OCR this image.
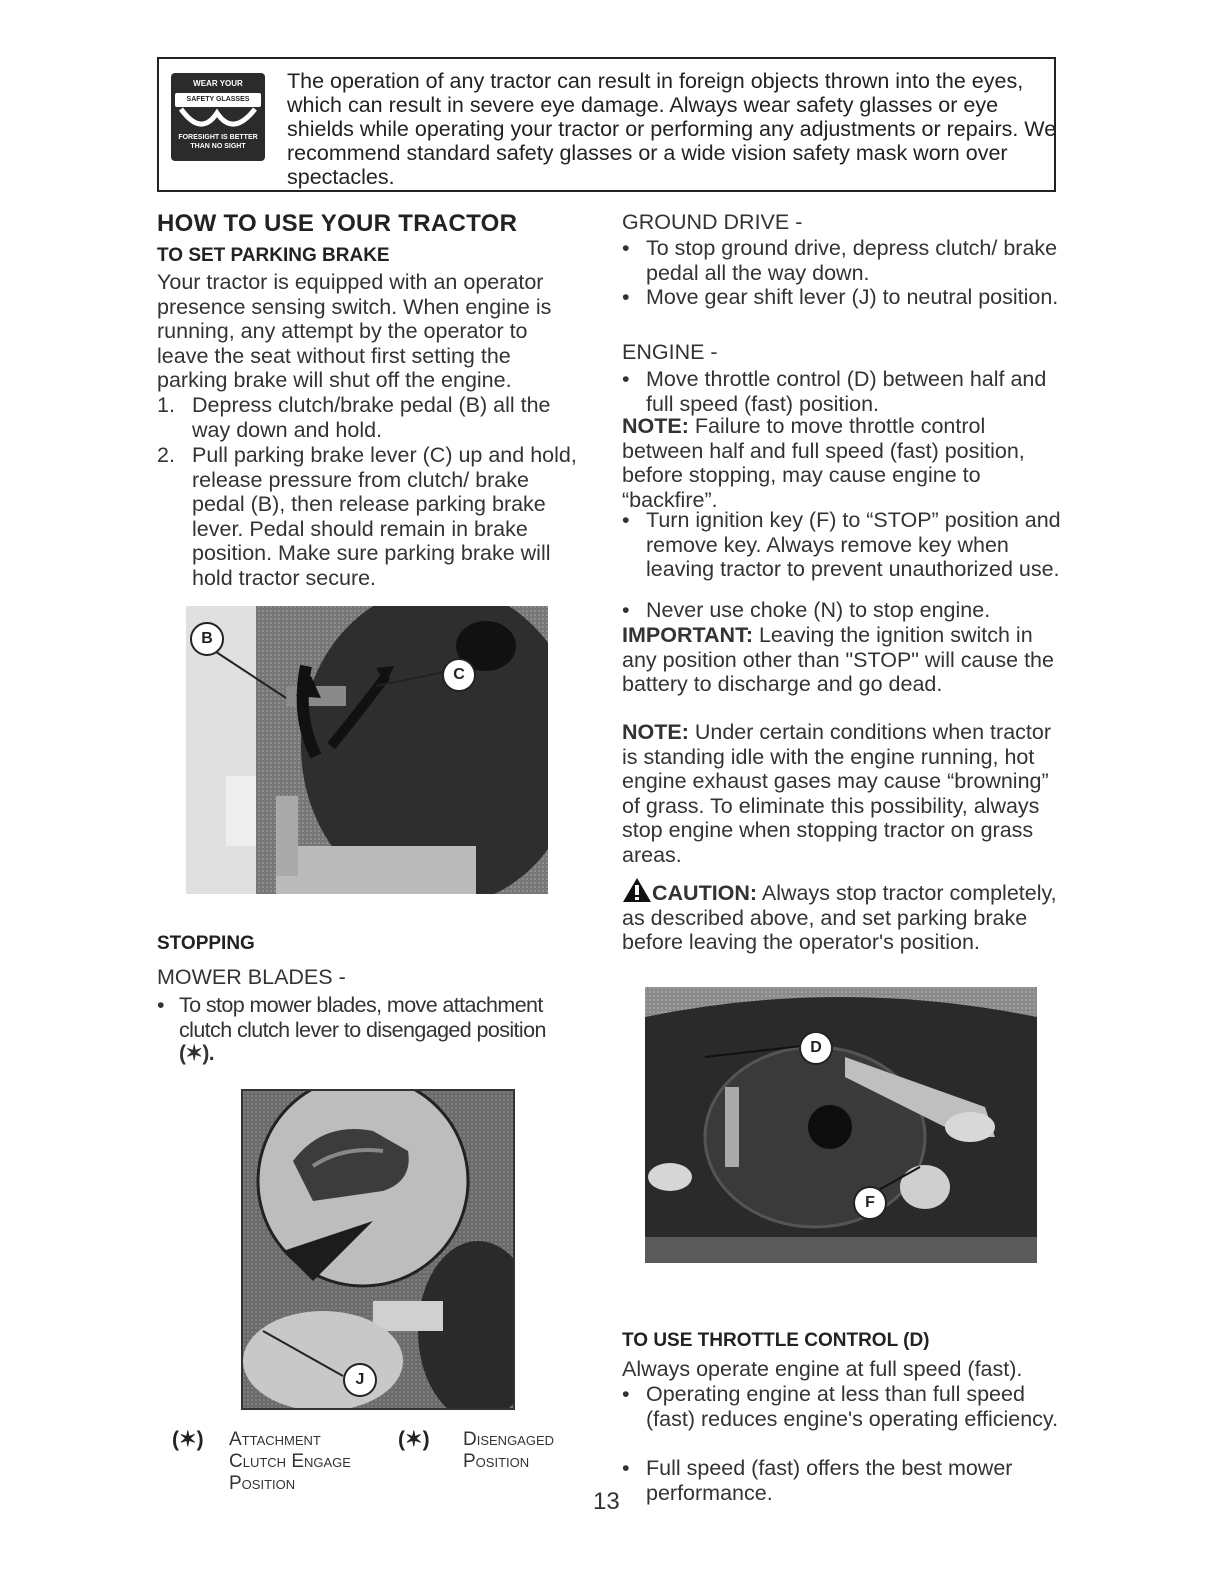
WEAR YOUR
SAFETY GLASSES
FORESIGHT IS BETTER THAN NO SIGHT
The operation of any tractor can result in foreign objects thrown into the eyes, which can result in severe eye damage. Always wear safety glasses or eye shields while operating your tractor or performing any adjustments or repairs. We recommend standard safety glasses or a wide vision safety mask worn over spectacles.
HOW TO USE YOUR TRACTOR
TO SET PARKING BRAKE
Your tractor is equipped with an operator presence sensing switch. When engine is running, any attempt by the operator to leave the seat without first setting the parking brake will shut off the engine.
1. Depress clutch/brake pedal (B) all the way down and hold.
2. Pull parking brake lever (C) up and hold, release pressure from clutch/ brake pedal (B), then release parking brake lever. Pedal should remain in brake position. Make sure parking brake will hold tractor secure.
B
C
STOPPING
MOWER BLADES -
• To stop mower blades, move attachment clutch clutch lever to disengaged position
(✶).
J
(✶) Attachment Clutch Engage Position
(✶) Disengaged Position
13
GROUND DRIVE -
• To stop ground drive, depress clutch/ brake pedal all the way down.
• Move gear shift lever (J) to neutral position.
ENGINE -
• Move throttle control (D) between half and full speed (fast) position.
NOTE: Failure to move throttle control between half and full speed (fast) position, before stopping, may cause engine to “backfire”.
• Turn ignition key (F) to “STOP” position and remove key. Always remove key when leaving tractor to prevent unauthorized use.
• Never use choke (N) to stop engine.
IMPORTANT: Leaving the ignition switch in any position other than "STOP" will cause the battery to discharge and go dead.
NOTE: Under certain conditions when tractor is standing idle with the engine running, hot engine exhaust gases may cause “browning” of grass. To eliminate this possibility, always stop engine when stopping tractor on grass areas.
CAUTION: Always stop tractor completely, as described above, and set parking brake before leaving the operator's position.
D
F
TO USE THROTTLE CONTROL (D)
Always operate engine at full speed (fast).
• Operating engine at less than full speed (fast) reduces engine's operating efficiency.
• Full speed (fast) offers the best mower performance.
